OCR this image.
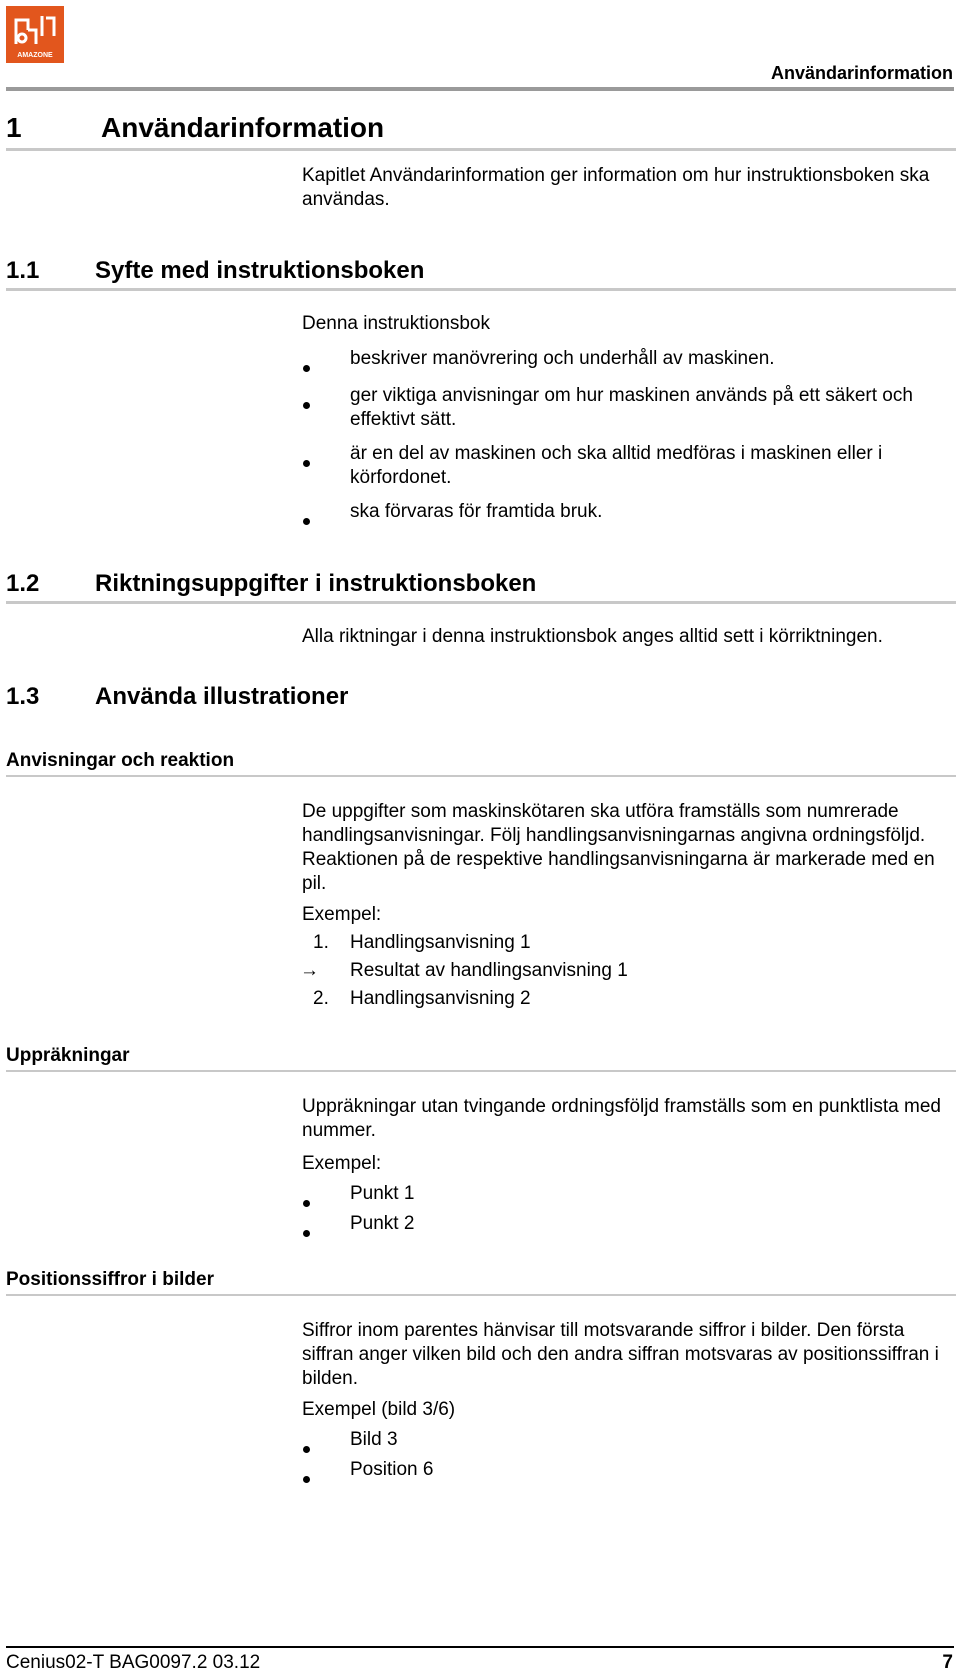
AMAZONE
Användarinformation
1	Användarinformation
Kapitlet Användarinformation ger information om hur instruktionsboken ska användas.
1.1 Syfte med instruktionsboken
Denna instruktionsbok
beskriver manövrering och underhåll av maskinen.
ger viktiga anvisningar om hur maskinen används på ett säkert och effektivt sätt.
är en del av maskinen och ska alltid medföras i maskinen eller i körfordonet.
ska förvaras för framtida bruk.
1.2 Riktningsuppgifter i instruktionsboken
Alla riktningar i denna instruktionsbok anges alltid sett i körriktningen.
1.3 Använda illustrationer
Anvisningar och reaktion
De uppgifter som maskinskötaren ska utföra framställs som numrerade handlingsanvisningar. Följ handlingsanvisningarnas angivna ordningsföljd. Reaktionen på de respektive handlingsanvisningarna är markerade med en pil.
Exempel:
1. Handlingsanvisning 1
→ Resultat av handlingsanvisning 1
2. Handlingsanvisning 2
Uppräkningar
Uppräkningar utan tvingande ordningsföljd framställs som en punktlista med nummer.
Exempel:
Punkt 1
Punkt 2
Positionssiffror i bilder
Siffror inom parentes hänvisar till motsvarande siffror i bilder. Den första siffran anger vilken bild och den andra siffran motsvaras av positionssiffran i bilden.
Exempel (bild 3/6)
Bild 3
Position 6
Cenius02-T BAG0097.2 03.12	7
